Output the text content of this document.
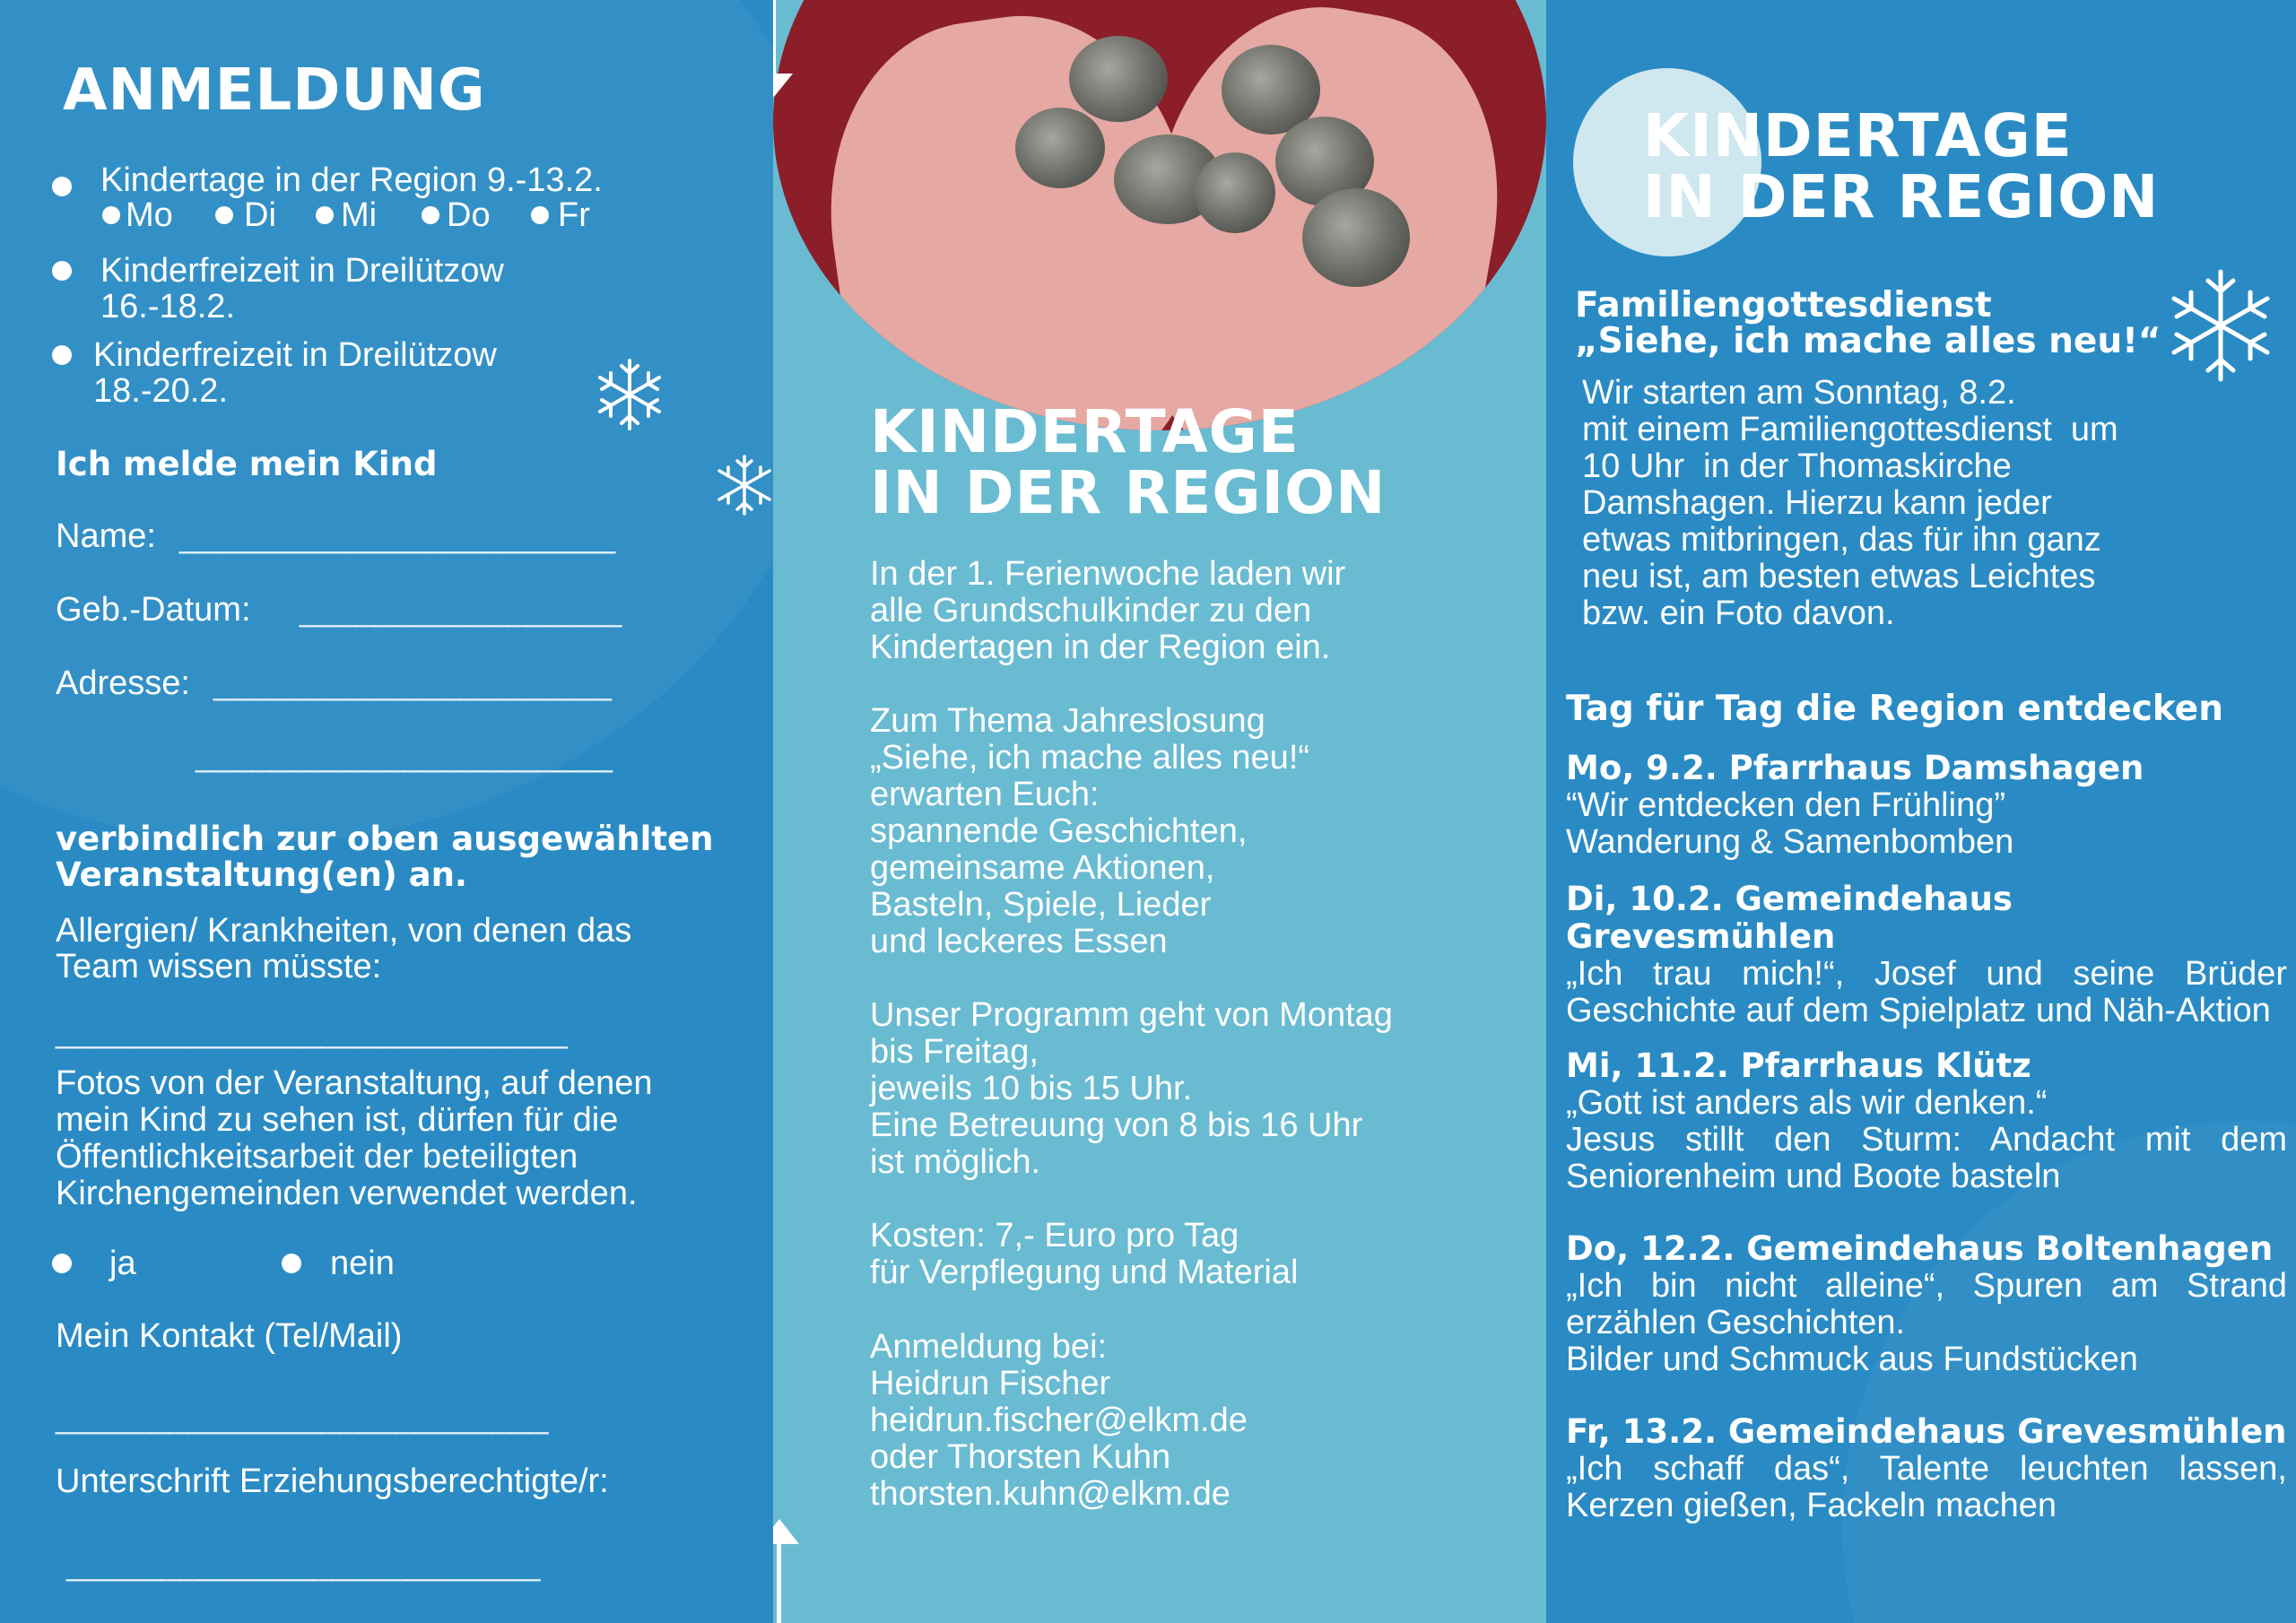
ANMELDUNG

Kindertage in der Region 9.-13.2.

Mo Di Mi Do Fr

Kinderfreizeit in Dreilützow

16.-18.2.

Kinderfreizeit in Dreilützow

18.-20.2.

Ich melde mein Kind

Name: _______________________

Geb.-Datum: _________________

Adresse: _____________________

______________________

verbindlich zur oben ausgewählten

Veranstaltung(en) an.

Allergien/ Krankheiten, von denen das

Team wissen müsste:

___________________________

Fotos von der Veranstaltung, auf denen
mein Kind zu sehen ist, dürfen für die
Öffentlichkeitsarbeit der beteiligten
Kirchengemeinden verwendet werden.

ja	nein

Mein Kontakt (Tel/Mail)

__________________________

Unterschrift Erziehungsberechtigte/r:

_________________________

KINDERTAGE
IN DER REGION

In der 1. Ferienwoche laden wir
alle Grundschulkinder zu den
Kindertagen in der Region ein.

Zum Thema Jahreslosung
„Siehe, ich mache alles neu!“
erwarten Euch:
spannende Geschichten,
gemeinsame Aktionen,
Basteln, Spiele, Lieder
und leckeres Essen

Unser Programm geht von Montag
bis Freitag,
jeweils 10 bis 15 Uhr.
Eine Betreuung von 8 bis 16 Uhr
ist möglich.

Kosten: 7,- Euro pro Tag
für Verpflegung und Material

Anmeldung bei:
Heidrun Fischer
heidrun.fischer@elkm.de
oder Thorsten Kuhn
thorsten.kuhn@elkm.de

KINDERTAGE
IN DER REGION

Familiengottesdienst

„Siehe, ich mache alles neu!“

Wir starten am Sonntag, 8.2.
mit einem Familiengottesdienst  um
10 Uhr  in der Thomaskirche
Damshagen. Hierzu kann jeder
etwas mitbringen, das für ihn ganz
neu ist, am besten etwas Leichtes
bzw. ein Foto davon.

Tag für Tag die Region entdecken

Mo, 9.2. Pfarrhaus Damshagen

“Wir entdecken den Frühling”
Wanderung & Samenbomben

Di, 10.2. Gemeindehaus Grevesmühlen

„Ich trau mich!“, Josef und seine Brüder Geschichte auf dem Spielplatz und Näh-Aktion

Mi, 11.2. Pfarrhaus Klütz

„Gott ist anders als wir denken.“
Jesus stillt den Sturm: Andacht mit dem Seniorenheim und Boote basteln

Do, 12.2. Gemeindehaus Boltenhagen

„Ich bin nicht alleine“, Spuren am Strand erzählen Geschichten.
Bilder und Schmuck aus Fundstücken

Fr, 13.2. Gemeindehaus Grevesmühlen

„Ich schaff das“, Talente leuchten lassen, Kerzen gießen, Fackeln machen
